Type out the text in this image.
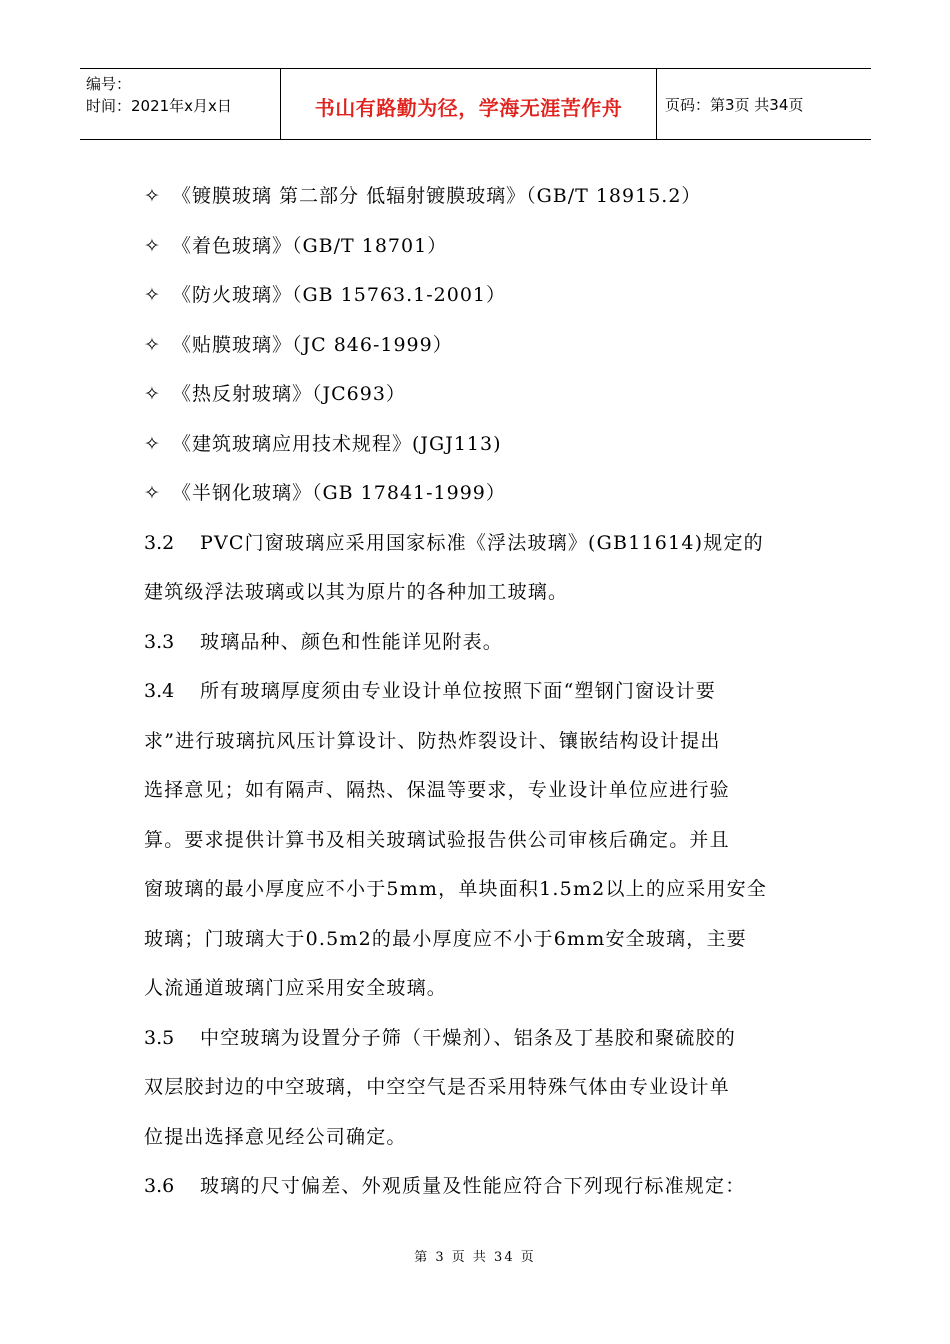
编号：
时间：2021年x月x日	书山有路勤为径，学海无涯苦作舟	页码：第3页 共34页
✧ 《镀膜玻璃 第二部分 低辐射镀膜玻璃》（GB/T 18915.2）
✧ 《着色玻璃》（GB/T 18701）
✧ 《防火玻璃》（GB 15763.1-2001）
✧ 《贴膜玻璃》（JC 846-1999）
✧ 《热反射玻璃》（JC693）
✧ 《建筑玻璃应用技术规程》(JGJ113)
✧ 《半钢化玻璃》（GB 17841-1999）

3.2 PVC门窗玻璃应采用国家标准《浮法玻璃》(GB11614)规定的
建筑级浮法玻璃或以其为原片的各种加工玻璃。

3.3 玻璃品种、颜色和性能详见附表。

3.4 所有玻璃厚度须由专业设计单位按照下面“塑钢门窗设计要
求”进行玻璃抗风压计算设计、防热炸裂设计、镶嵌结构设计提出
选择意见；如有隔声、隔热、保温等要求，专业设计单位应进行验
算。要求提供计算书及相关玻璃试验报告供公司审核后确定。并且
窗玻璃的最小厚度应不小于5mm，单块面积1.5m2以上的应采用安全
玻璃；门玻璃大于0.5m2的最小厚度应不小于6mm安全玻璃，主要
人流通道玻璃门应采用安全玻璃。

3.5 中空玻璃为设置分子筛（干燥剂）、铝条及丁基胶和聚硫胶的
双层胶封边的中空玻璃，中空空气是否采用特殊气体由专业设计单
位提出选择意见经公司确定。

3.6 玻璃的尺寸偏差、外观质量及性能应符合下列现行标准规定：

第 3 页 共 34 页
